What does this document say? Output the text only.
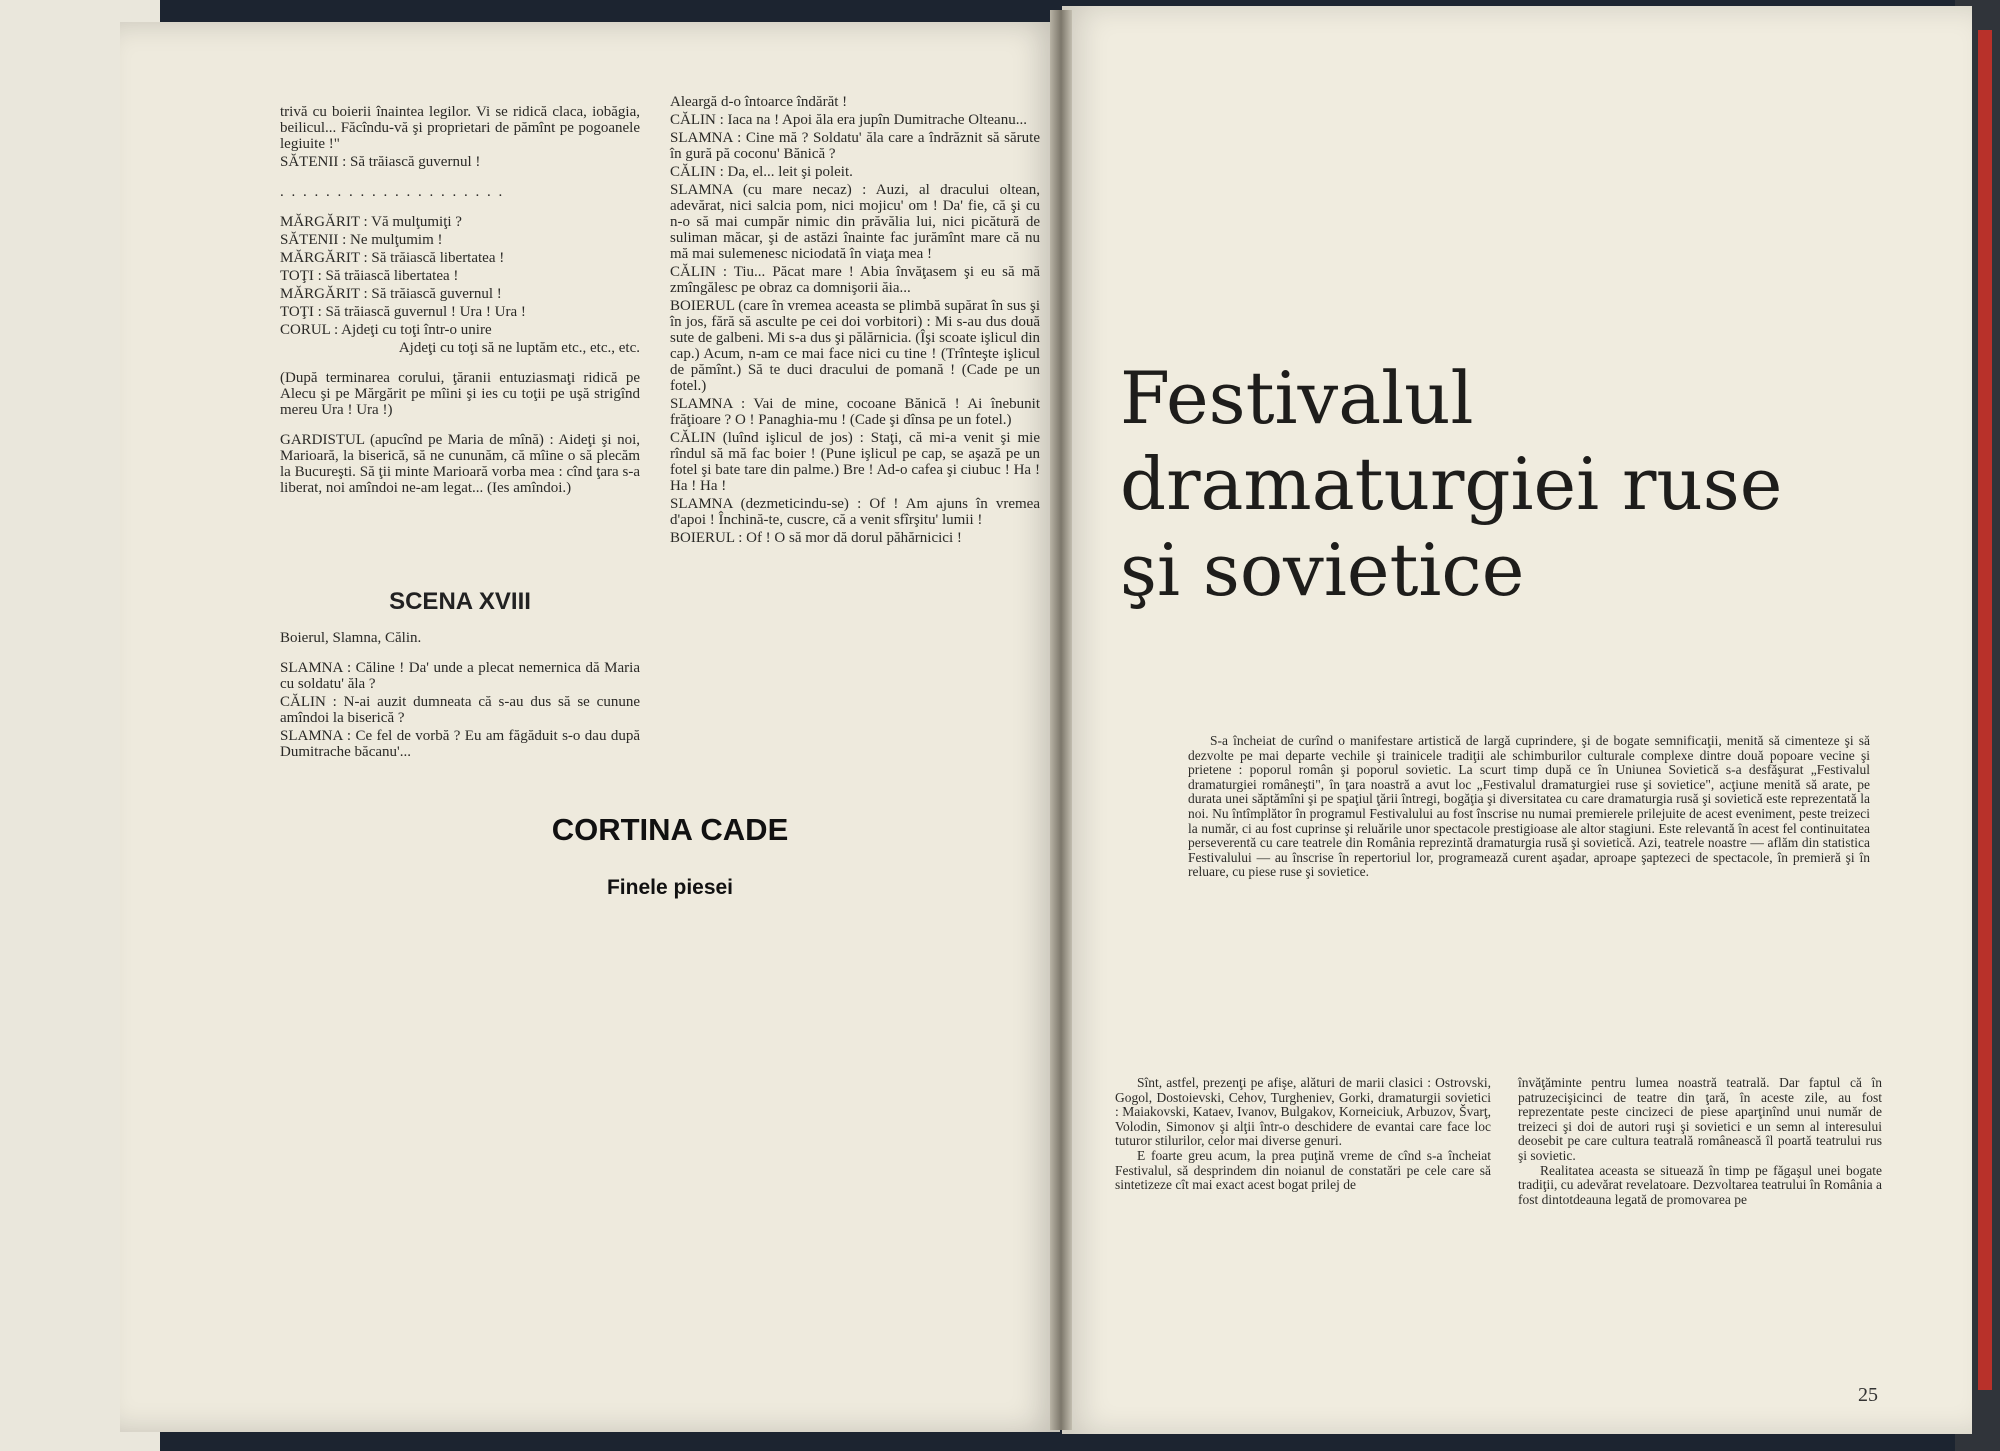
trivă cu boierii înaintea legilor. Vi se ridică claca, iobăgia, beilicul... Făcîndu-vă şi proprietari de pămînt pe pogoanele legiuite !"

SĂTENII : Să trăiască guvernul !

. . . . . . . . . . . . . . . . . . . .

MĂRGĂRIT : Vă mulţumiţi ?

SĂTENII : Ne mulţumim !

MĂRGĂRIT : Să trăiască libertatea !

TOŢI : Să trăiască libertatea !

MĂRGĂRIT : Să trăiască guvernul !

TOŢI : Să trăiască guvernul ! Ura ! Ura !

CORUL : Ajdeţi cu toţi într-o unire

Ajdeţi cu toţi să ne luptăm etc., etc., etc.

(După terminarea corului, ţăranii entuziasmaţi ridică pe Alecu şi pe Mărgărit pe mîini şi ies cu toţii pe uşă strigînd mereu Ura ! Ura !)

GARDISTUL (apucînd pe Maria de mînă) : Aideţi şi noi, Marioară, la biserică, să ne cununăm, că mîine o să plecăm la Bucureşti. Să ţii minte Marioară vorba mea : cînd ţara s-a liberat, noi amîndoi ne-am legat... (Ies amîndoi.)

SCENA XVIII

Boierul, Slamna, Călin.

SLAMNA : Căline ! Da' unde a plecat nemernica dă Maria cu soldatu' ăla ?

CĂLIN : N-ai auzit dumneata că s-au dus să se cunune amîndoi la biserică ?

SLAMNA : Ce fel de vorbă ? Eu am făgăduit s-o dau după Dumitrache băcanu'...

Aleargă d-o întoarce îndărăt !

CĂLIN : Iaca na ! Apoi ăla era jupîn Dumitrache Olteanu...

SLAMNA : Cine mă ? Soldatu' ăla care a îndrăznit să sărute în gură pă coconu' Bănică ?

CĂLIN : Da, el... leit şi poleit.

SLAMNA (cu mare necaz) : Auzi, al dracului oltean, adevărat, nici salcia pom, nici mojicu' om ! Da' fie, că şi cu n-o să mai cumpăr nimic din prăvălia lui, nici picătură de suliman măcar, şi de astăzi înainte fac jurămînt mare că nu mă mai sulemenesc niciodată în viaţa mea !

CĂLIN : Tiu... Păcat mare ! Abia învăţasem şi eu să mă zmîngălesc pe obraz ca domnişorii ăia...

BOIERUL (care în vremea aceasta se plimbă supărat în sus şi în jos, fără să asculte pe cei doi vorbitori) : Mi s-au dus două sute de galbeni. Mi s-a dus şi pălărnicia. (Îşi scoate işlicul din cap.) Acum, n-am ce mai face nici cu tine ! (Trînteşte işlicul de pămînt.) Să te duci dracului de pomană ! (Cade pe un fotel.)

SLAMNA : Vai de mine, cocoane Bănică ! Ai înebunit frăţioare ? O ! Panaghia-mu ! (Cade şi dînsa pe un fotel.)

CĂLIN (luînd işlicul de jos) : Staţi, că mi-a venit şi mie rîndul să mă fac boier ! (Pune işlicul pe cap, se aşază pe un fotel şi bate tare din palme.) Bre ! Ad-o cafea şi ciubuc ! Ha ! Ha ! Ha !

SLAMNA (dezmeticindu-se) : Of ! Am ajuns în vremea d'apoi ! Închină-te, cuscre, că a venit sfîrşitu' lumii !

BOIERUL : Of ! O să mor dă dorul păhărnicici !

CORTINA CADE
Finele piesei
Festivalul
dramaturgiei ruse
şi sovietice

S-a încheiat de curînd o manifestare artistică de largă cuprindere, şi de bogate semnificaţii, menită să cimenteze şi să dezvolte pe mai departe vechile şi trainicele tradiţii ale schimburilor culturale complexe dintre două popoare vecine şi prietene : poporul român şi poporul sovietic. La scurt timp după ce în Uniunea Sovietică s-a desfăşurat „Festivalul dramaturgiei româneşti", în ţara noastră a avut loc „Festivalul dramaturgiei ruse şi sovietice", acţiune menită să arate, pe durata unei săptămîni şi pe spaţiul ţării întregi, bogăţia şi diversitatea cu care dramaturgia rusă şi sovietică este reprezentată la noi. Nu întîmplător în programul Festivalului au fost înscrise nu numai premierele prilejuite de acest eveniment, peste treizeci la număr, ci au fost cuprinse şi reluările unor spectacole prestigioase ale altor stagiuni. Este relevantă în acest fel continuitatea perseverentă cu care teatrele din România reprezintă dramaturgia rusă şi sovietică. Azi, teatrele noastre — aflăm din statistica Festivalului — au înscrise în repertoriul lor, programează curent aşadar, aproape şaptezeci de spectacole, în premieră şi în reluare, cu piese ruse şi sovietice.

Sînt, astfel, prezenţi pe afişe, alături de marii clasici : Ostrovski, Gogol, Dostoievski, Cehov, Turgheniev, Gorki, dramaturgii sovietici : Maiakovski, Kataev, Ivanov, Bulgakov, Korneiciuk, Arbuzov, Švarţ, Volodin, Simonov şi alţii într-o deschidere de evantai care face loc tuturor stilurilor, celor mai diverse genuri.

E foarte greu acum, la prea puţină vreme de cînd s-a încheiat Festivalul, să desprindem din noianul de constatări pe cele care să sintetizeze cît mai exact acest bogat prilej de

învăţăminte pentru lumea noastră teatrală. Dar faptul că în patruzecişicinci de teatre din ţară, în aceste zile, au fost reprezentate peste cincizeci de piese aparţinînd unui număr de treizeci şi doi de autori ruşi şi sovietici e un semn al interesului deosebit pe care cultura teatrală românească îl poartă teatrului rus şi sovietic.

Realitatea aceasta se situează în timp pe făgaşul unei bogate tradiţii, cu adevărat revelatoare. Dezvoltarea teatrului în România a fost dintotdeauna legată de promovarea pe

25
